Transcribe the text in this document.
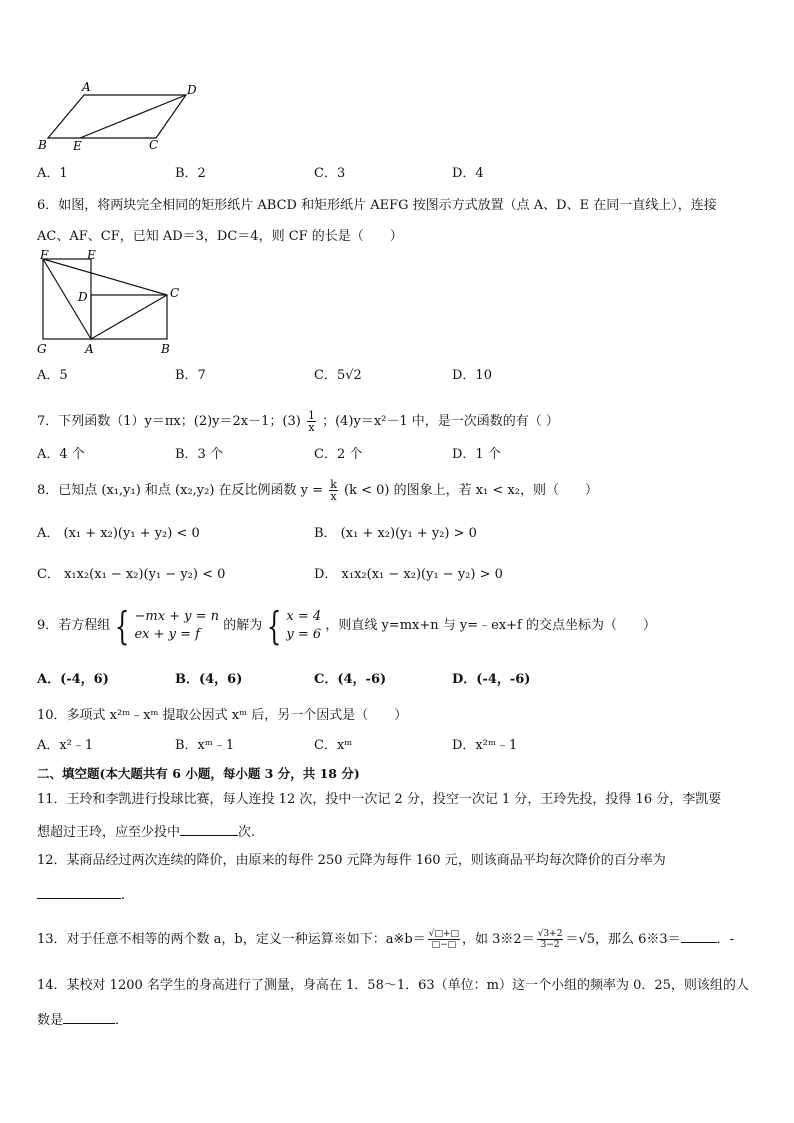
A	D
B E	C
A．1	B．2	C．3	D．4
6．如图，将两块完全相同的矩形纸片 ABCD 和矩形纸片 AEFG 按图示方式放置（点 A、D、E 在同一直线上），连接
AC、AF、CF，已知 AD＝3，DC＝4，则 CF 的长是（　　）
F	E
D	C
G	A	B
A．5	B．7	C．5√2	D．10
7．下列函数（1）y＝πx；(2)y＝2x－1；$(3) \frac{1}{x}$ ；(4)y＝x²－1 中，是一次函数的有（ ）
A．4 个	B．3 个	C．2 个	D．1 个
8．已知点 (x₁,y₁) 和点 (x₂,y₂) 在反比例函数 $y = \frac{k}{x} (k < 0)$ 的图象上，若 x₁ < x₂，则（　　）
A． (x₁ + x₂)(y₁ + y₂) < 0	B． (x₁ + x₂)(y₁ + y₂) > 0
C． x₁x₂(x₁ − x₂)(y₁ − y₂) < 0	D． x₁x₂(x₁ − x₂)(y₁ − y₂) > 0
9．若方程组 { −mx + y = n
ex + y = f
的解为 { x = 4
y = 6
，则直线 y=mx+n 与 y=﹣ex+f 的交点坐标为（　　）
A．(-4，6)	B．(4，6)	C．(4，-6)	D．(-4，-6)
10．多项式 x²ᵐ﹣xᵐ 提取公因式 xᵐ 后，另一个因式是（　　）
A．x²﹣1	B．xᵐ﹣1	C．xᵐ	D．x²ᵐ﹣1
二、填空题(本大题共有 6 小题，每小题 3 分，共 18 分)
11．王玲和李凯进行投球比赛，每人连投 12 次，投中一次记 2 分，投空一次记 1 分，王玲先投，投得 16 分，李凯要
想超过王玲，应至少投中	次.
12．某商品经过两次连续的降价，由原来的每件 250 元降为每件 160 元，则该商品平均每次降价的百分率为
.
13．对于任意不相等的两个数 a，b，定义一种运算※如下：a※b＝ $\frac{√□+□}{□-□}$ ，如 3※2＝ $\frac{√3+2}{3-2} =√5$，那么 6※3＝	．‐
14．某校对 1200 名学生的身高进行了测量，身高在 1．58～1．63（单位：m）这一个小组的频率为 0．25，则该组的人
数是	．
